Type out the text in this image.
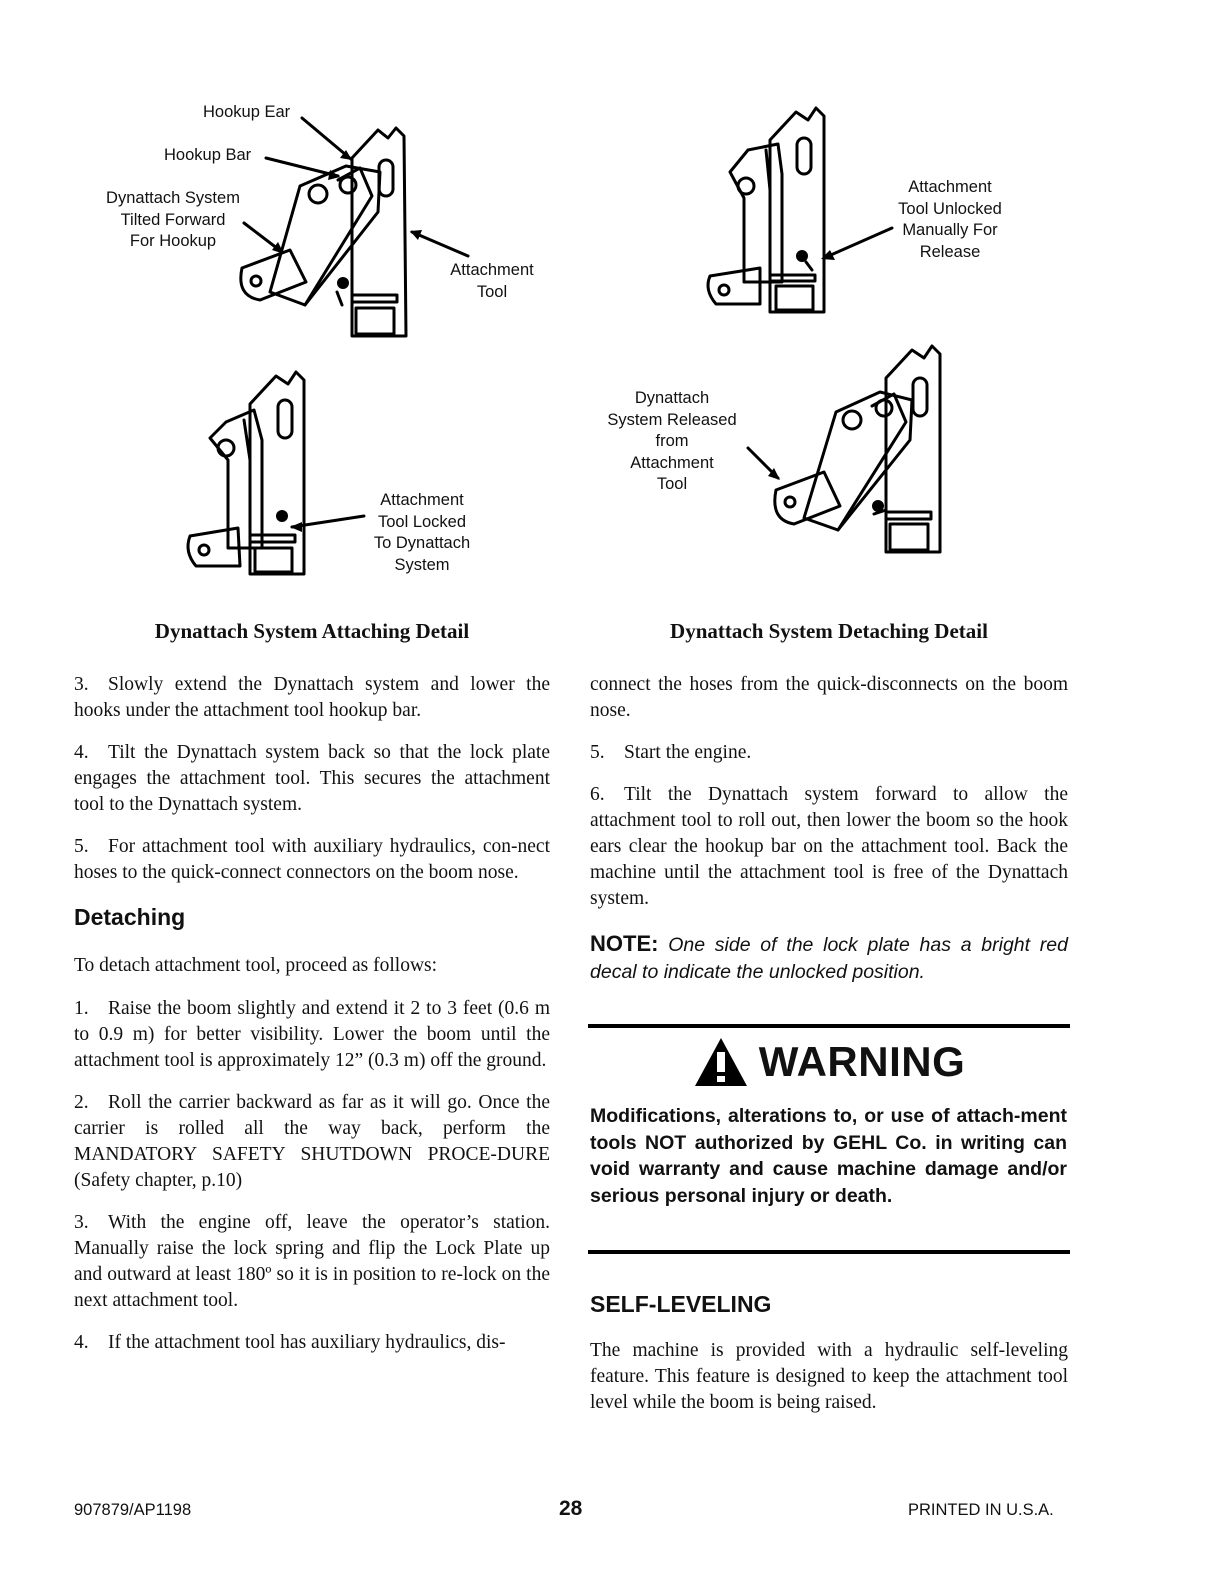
Hookup Ear
Hookup Bar
Dynattach System
Tilted Forward
For Hookup
Attachment
Tool
Attachment
Tool Locked
To Dynattach
System
Attachment
Tool Unlocked
Manually For
Release
Dynattach
System Released
from
Attachment
Tool
Dynattach System Attaching Detail	Dynattach System Detaching Detail

3. Slowly extend the Dynattach system and lower the hooks under the attachment tool hookup bar.

4. Tilt the Dynattach system back so that the lock plate engages the attachment tool. This secures the attachment tool to the Dynattach system.

5. For attachment tool with auxiliary hydraulics, con-nect hoses to the quick-connect connectors on the boom nose.

Detaching

To detach attachment tool, proceed as follows:

1. Raise the boom slightly and extend it 2 to 3 feet (0.6 m to 0.9 m) for better visibility. Lower the boom until the attachment tool is approximately 12” (0.3 m) off the ground.

2. Roll the carrier backward as far as it will go. Once the carrier is rolled all the way back, perform the MANDATORY SAFETY SHUTDOWN PROCE-DURE (Safety chapter, p.10)

3. With the engine off, leave the operator’s station. Manually raise the lock spring and flip the Lock Plate up and outward at least 180º so it is in position to re-lock on the next attachment tool.

4. If the attachment tool has auxiliary hydraulics, dis-

connect the hoses from the quick-disconnects on the boom nose.

5. Start the engine.

6. Tilt the Dynattach system forward to allow the attachment tool to roll out, then lower the boom so the hook ears clear the hookup bar on the attachment tool. Back the machine until the attachment tool is free of the Dynattach system.

NOTE: One side of the lock plate has a bright red decal to indicate the unlocked position.

WARNING

Modifications, alterations to, or use of attach-ment tools NOT authorized by GEHL Co. in writing can void warranty and cause machine damage and/or serious personal injury or death.

SELF-LEVELING

The machine is provided with a hydraulic self-leveling feature. This feature is designed to keep the attachment tool level while the boom is being raised.

907879/AP1198	28	PRINTED IN U.S.A.
